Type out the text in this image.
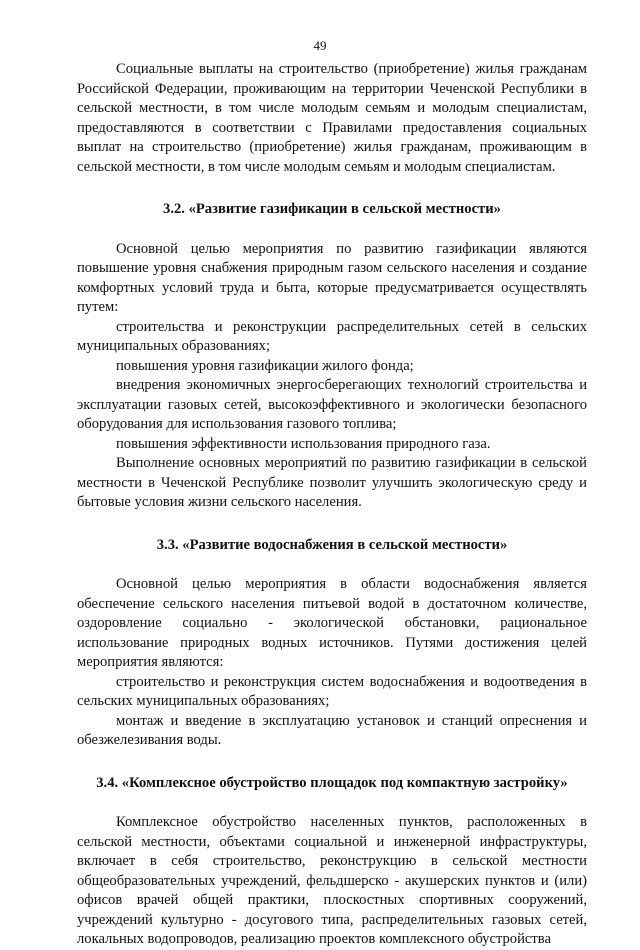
49

Социальные выплаты на строительство (приобретение) жилья гражданам Российской Федерации, проживающим на территории Чеченской Республики в сельской местности, в том числе молодым семьям и молодым специалистам, предоставляются в соответствии с Правилами предоставления социальных выплат на строительство (приобретение) жилья гражданам, проживающим в сельской местности, в том числе молодым семьям и молодым специалистам.

3.2. «Развитие газификации в сельской местности»

Основной целью мероприятия по развитию газификации являются повышение уровня снабжения природным газом сельского населения и создание комфортных условий труда и быта, которые предусматривается осуществлять путем:

строительства и реконструкции распределительных сетей в сельских муниципальных образованиях;

повышения уровня газификации жилого фонда;

внедрения экономичных энергосберегающих технологий строительства и эксплуатации газовых сетей, высокоэффективного и экологически безопасного оборудования для использования газового топлива;

повышения эффективности использования природного газа.

Выполнение основных мероприятий по развитию газификации в сельской местности в Чеченской Республике позволит улучшить экологическую среду и бытовые условия жизни сельского населения.

3.3. «Развитие водоснабжения в сельской местности»

Основной целью мероприятия в области водоснабжения является обеспечение сельского населения питьевой водой в достаточном количестве, оздоровление социально - экологической обстановки, рациональное использование природных водных источников. Путями достижения целей мероприятия являются:

строительство и реконструкция систем водоснабжения и водоотведения в сельских муниципальных образованиях;

монтаж и введение в эксплуатацию установок и станций опреснения и обезжелезивания воды.

3.4. «Комплексное обустройство площадок под компактную застройку»

Комплексное обустройство населенных пунктов, расположенных в сельской местности, объектами социальной и инженерной инфраструктуры, включает в себя строительство, реконструкцию в сельской местности общеобразовательных учреждений, фельдшерско - акушерских пунктов и (или) офисов врачей общей практики, плоскостных спортивных сооружений, учреждений культурно - досугового типа, распределительных газовых сетей, локальных водопроводов, реализацию проектов комплексного обустройства
